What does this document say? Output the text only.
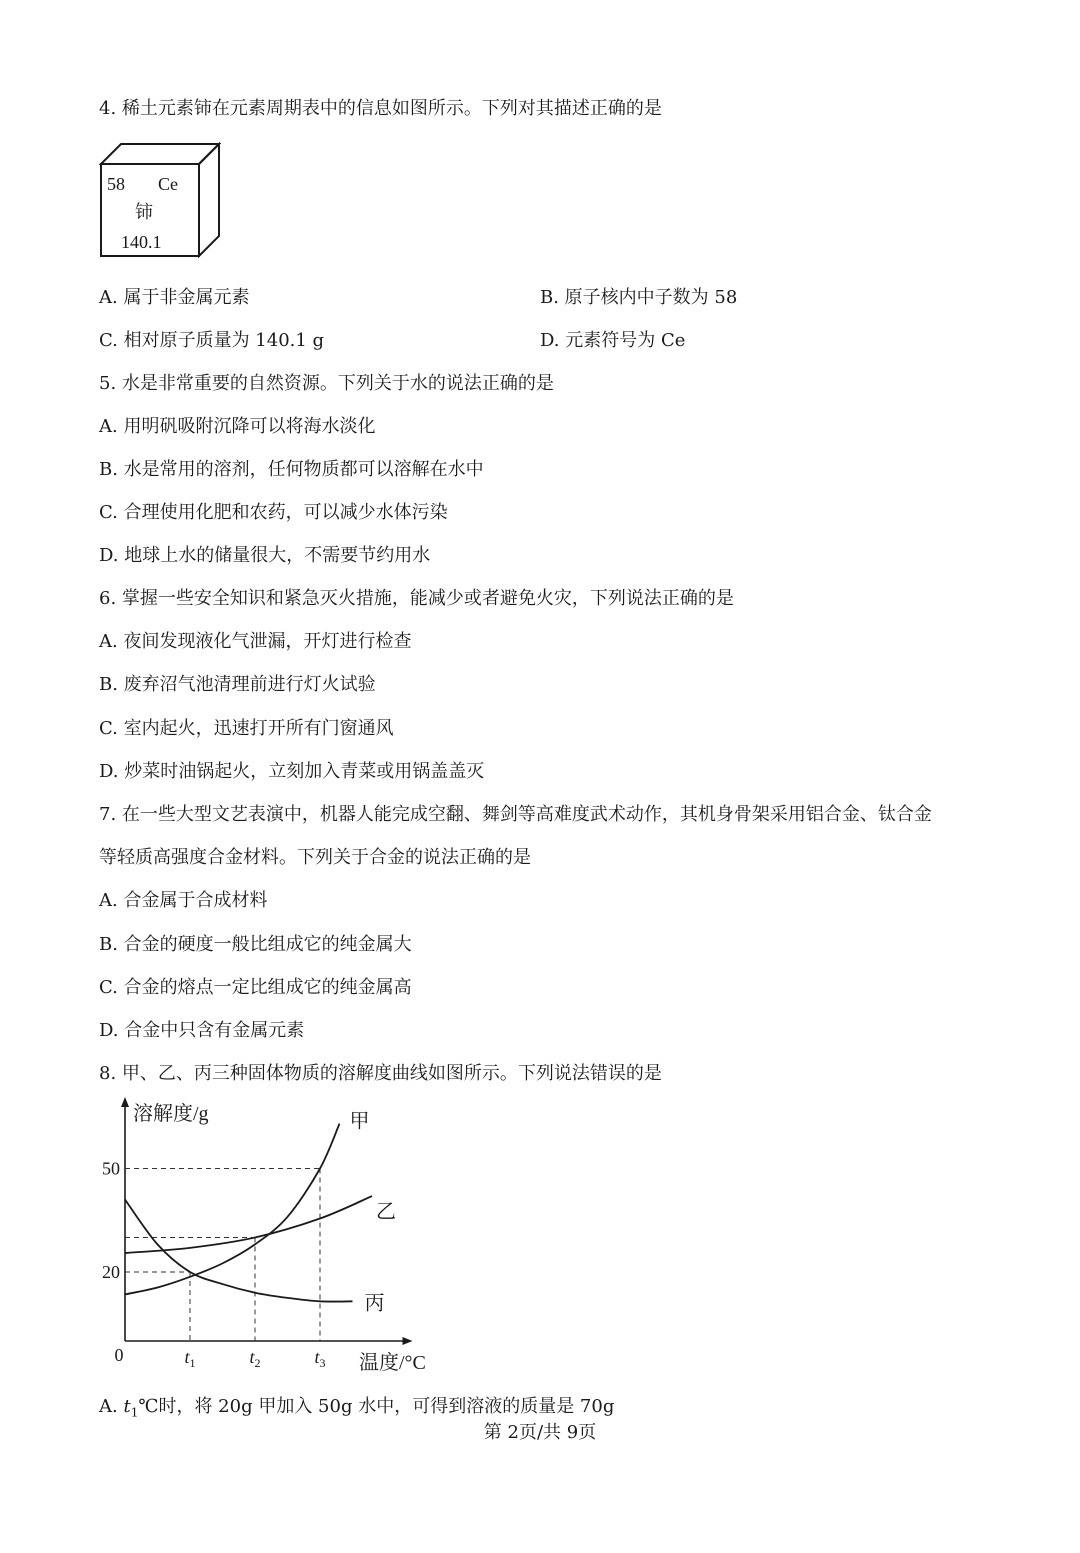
4. 稀土元素铈在元素周期表中的信息如图所示。下列对其描述正确的是
58 Ce
铈
140.1
A. 属于非金属元素	B. 原子核内中子数为 58
C. 相对原子质量为 140.1 g	D. 元素符号为 Ce
5. 水是非常重要的自然资源。下列关于水的说法正确的是
A. 用明矾吸附沉降可以将海水淡化
B. 水是常用的溶剂，任何物质都可以溶解在水中
C. 合理使用化肥和农药，可以减少水体污染
D. 地球上水的储量很大，不需要节约用水
6. 掌握一些安全知识和紧急灭火措施，能减少或者避免火灾，下列说法正确的是
A. 夜间发现液化气泄漏，开灯进行检查
B. 废弃沼气池清理前进行灯火试验
C. 室内起火，迅速打开所有门窗通风
D. 炒菜时油锅起火，立刻加入青菜或用锅盖盖灭
7. 在一些大型文艺表演中，机器人能完成空翻、舞剑等高难度武术动作，其机身骨架采用铝合金、钛合金
等轻质高强度合金材料。下列关于合金的说法正确的是
A. 合金属于合成材料
B. 合金的硬度一般比组成它的纯金属大
C. 合金的熔点一定比组成它的纯金属高
D. 合金中只含有金属元素
8. 甲、乙、丙三种固体物质的溶解度曲线如图所示。下列说法错误的是
溶解度/g
温度/°C
0
20
50
$t_1$	$t_2$	$t_3$
甲
乙
丙
A. $t_1℃$时，将 20g 甲加入 50g 水中，可得到溶液的质量是 70g
第 2页/共 9页
